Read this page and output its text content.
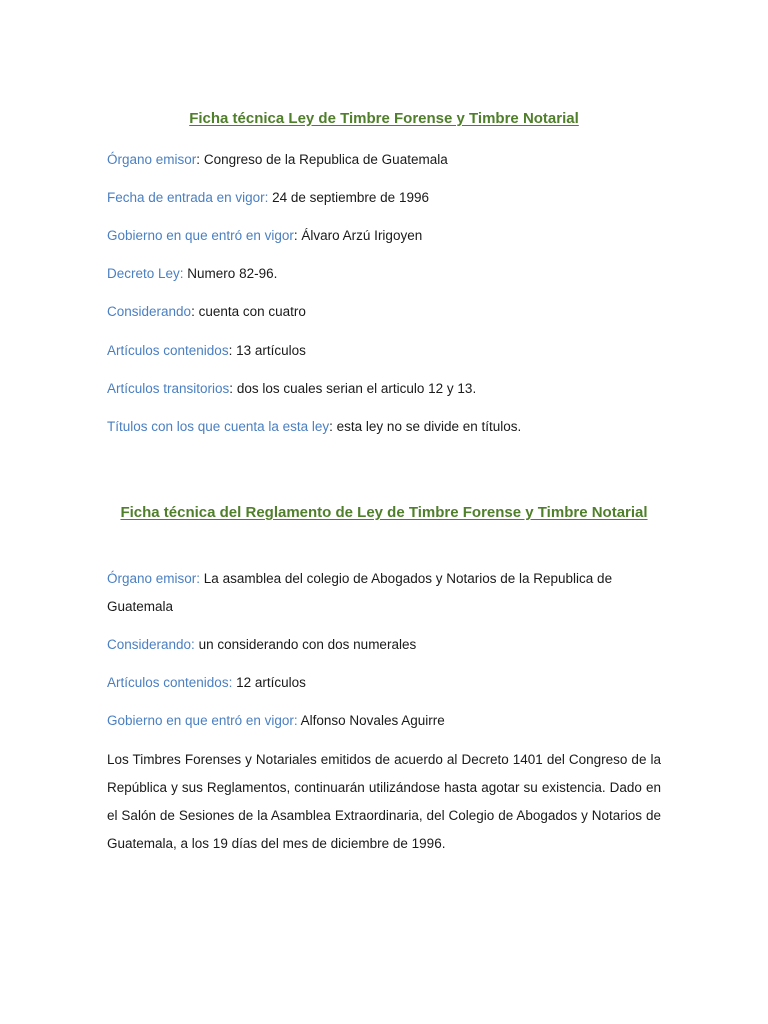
Ficha técnica Ley de Timbre Forense y Timbre Notarial

Órgano emisor: Congreso de la Republica de Guatemala

Fecha de entrada en vigor: 24 de septiembre de 1996

Gobierno en que entró en vigor: Álvaro Arzú Irigoyen

Decreto Ley: Numero 82-96.

Considerando: cuenta con cuatro

Artículos contenidos: 13 artículos

Artículos transitorios: dos los cuales serian el articulo 12 y 13.

Títulos con los que cuenta la esta ley: esta ley no se divide en títulos.

Ficha técnica del Reglamento de Ley de Timbre Forense y Timbre Notarial

Órgano emisor: La asamblea del colegio de Abogados y Notarios de la Republica de Guatemala

Considerando: un considerando con dos numerales

Artículos contenidos: 12 artículos

Gobierno en que entró en vigor: Alfonso Novales Aguirre

Los Timbres Forenses y Notariales emitidos de acuerdo al Decreto 1401 del Congreso de la República y sus Reglamentos, continuarán utilizándose hasta agotar su existencia. Dado en el Salón de Sesiones de la Asamblea Extraordinaria, del Colegio de Abogados y Notarios de Guatemala, a los 19 días del mes de diciembre de 1996.
